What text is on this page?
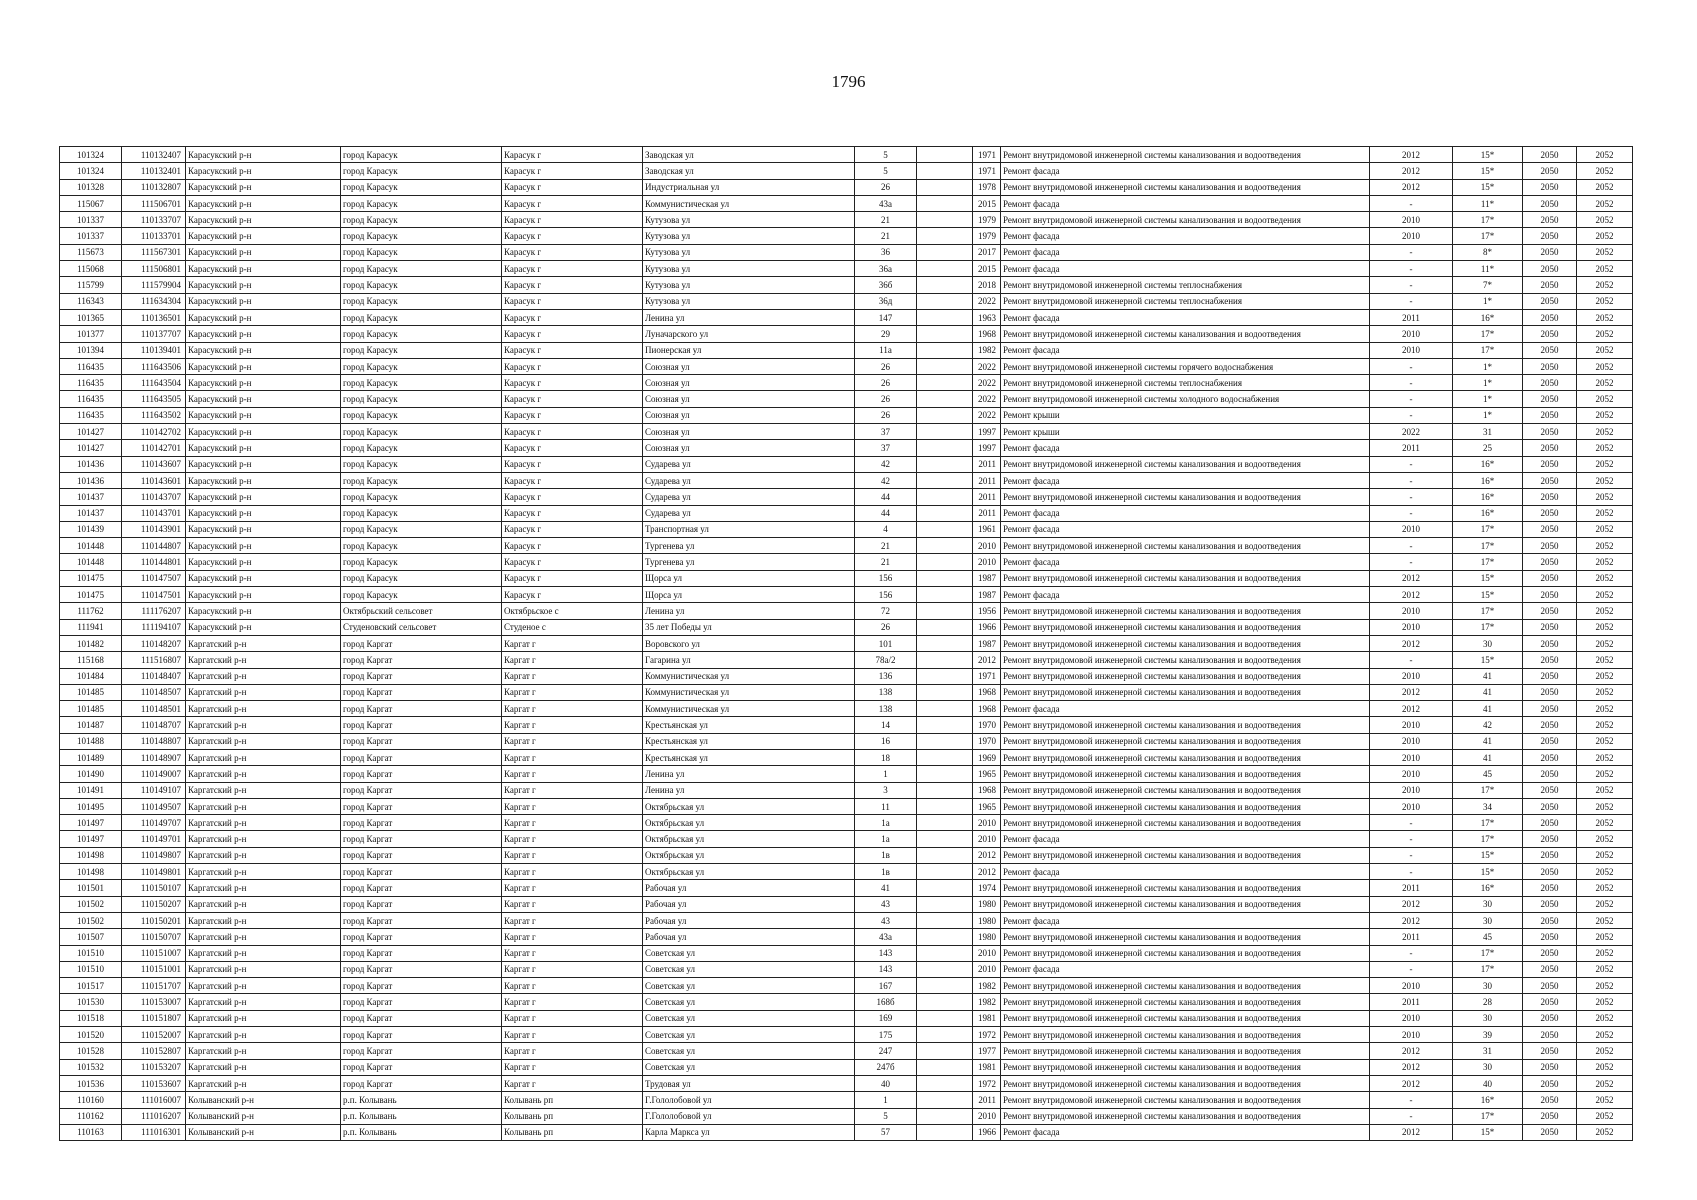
1796
101324	110132407	Карасукский р-н	город Карасук	Карасук г	Заводская ул	5		1971	Ремонт внутридомовой инженерной системы канализования и водоотведения	2012	15*	2050	2052
101324	110132401	Карасукский р-н	город Карасук	Карасук г	Заводская ул	5		1971	Ремонт фасада	2012	15*	2050	2052
101328	110132807	Карасукский р-н	город Карасук	Карасук г	Индустриальная ул	26		1978	Ремонт внутридомовой инженерной системы канализования и водоотведения	2012	15*	2050	2052
115067	111506701	Карасукский р-н	город Карасук	Карасук г	Коммунистическая ул	43а		2015	Ремонт фасада	-	11*	2050	2052
101337	110133707	Карасукский р-н	город Карасук	Карасук г	Кутузова ул	21		1979	Ремонт внутридомовой инженерной системы канализования и водоотведения	2010	17*	2050	2052
101337	110133701	Карасукский р-н	город Карасук	Карасук г	Кутузова ул	21		1979	Ремонт фасада	2010	17*	2050	2052
115673	111567301	Карасукский р-н	город Карасук	Карасук г	Кутузова ул	36		2017	Ремонт фасада	-	8*	2050	2052
115068	111506801	Карасукский р-н	город Карасук	Карасук г	Кутузова ул	36а		2015	Ремонт фасада	-	11*	2050	2052
115799	111579904	Карасукский р-н	город Карасук	Карасук г	Кутузова ул	36б		2018	Ремонт внутридомовой инженерной системы теплоснабжения	-	7*	2050	2052
116343	111634304	Карасукский р-н	город Карасук	Карасук г	Кутузова ул	36д		2022	Ремонт внутридомовой инженерной системы теплоснабжения	-	1*	2050	2052
101365	110136501	Карасукский р-н	город Карасук	Карасук г	Ленина ул	147		1963	Ремонт фасада	2011	16*	2050	2052
101377	110137707	Карасукский р-н	город Карасук	Карасук г	Луначарского ул	29		1968	Ремонт внутридомовой инженерной системы канализования и водоотведения	2010	17*	2050	2052
101394	110139401	Карасукский р-н	город Карасук	Карасук г	Пионерская ул	11а		1982	Ремонт фасада	2010	17*	2050	2052
116435	111643506	Карасукский р-н	город Карасук	Карасук г	Союзная ул	26		2022	Ремонт внутридомовой инженерной системы горячего водоснабжения	-	1*	2050	2052
116435	111643504	Карасукский р-н	город Карасук	Карасук г	Союзная ул	26		2022	Ремонт внутридомовой инженерной системы теплоснабжения	-	1*	2050	2052
116435	111643505	Карасукский р-н	город Карасук	Карасук г	Союзная ул	26		2022	Ремонт внутридомовой инженерной системы холодного водоснабжения	-	1*	2050	2052
116435	111643502	Карасукский р-н	город Карасук	Карасук г	Союзная ул	26		2022	Ремонт крыши	-	1*	2050	2052
101427	110142702	Карасукский р-н	город Карасук	Карасук г	Союзная ул	37		1997	Ремонт крыши	2022	31	2050	2052
101427	110142701	Карасукский р-н	город Карасук	Карасук г	Союзная ул	37		1997	Ремонт фасада	2011	25	2050	2052
101436	110143607	Карасукский р-н	город Карасук	Карасук г	Сударева ул	42		2011	Ремонт внутридомовой инженерной системы канализования и водоотведения	-	16*	2050	2052
101436	110143601	Карасукский р-н	город Карасук	Карасук г	Сударева ул	42		2011	Ремонт фасада	-	16*	2050	2052
101437	110143707	Карасукский р-н	город Карасук	Карасук г	Сударева ул	44		2011	Ремонт внутридомовой инженерной системы канализования и водоотведения	-	16*	2050	2052
101437	110143701	Карасукский р-н	город Карасук	Карасук г	Сударева ул	44		2011	Ремонт фасада	-	16*	2050	2052
101439	110143901	Карасукский р-н	город Карасук	Карасук г	Транспортная ул	4		1961	Ремонт фасада	2010	17*	2050	2052
101448	110144807	Карасукский р-н	город Карасук	Карасук г	Тургенева ул	21		2010	Ремонт внутридомовой инженерной системы канализования и водоотведения	-	17*	2050	2052
101448	110144801	Карасукский р-н	город Карасук	Карасук г	Тургенева ул	21		2010	Ремонт фасада	-	17*	2050	2052
101475	110147507	Карасукский р-н	город Карасук	Карасук г	Щорса ул	156		1987	Ремонт внутридомовой инженерной системы канализования и водоотведения	2012	15*	2050	2052
101475	110147501	Карасукский р-н	город Карасук	Карасук г	Щорса ул	156		1987	Ремонт фасада	2012	15*	2050	2052
111762	111176207	Карасукский р-н	Октябрьский сельсовет	Октябрьское с	Ленина ул	72		1956	Ремонт внутридомовой инженерной системы канализования и водоотведения	2010	17*	2050	2052
111941	111194107	Карасукский р-н	Студеновский сельсовет	Студеное с	35 лет Победы ул	26		1966	Ремонт внутридомовой инженерной системы канализования и водоотведения	2010	17*	2050	2052
101482	110148207	Каргатский р-н	город Каргат	Каргат г	Воровского ул	101		1987	Ремонт внутридомовой инженерной системы канализования и водоотведения	2012	30	2050	2052
115168	111516807	Каргатский р-н	город Каргат	Каргат г	Гагарина ул	78а/2		2012	Ремонт внутридомовой инженерной системы канализования и водоотведения	-	15*	2050	2052
101484	110148407	Каргатский р-н	город Каргат	Каргат г	Коммунистическая ул	136		1971	Ремонт внутридомовой инженерной системы канализования и водоотведения	2010	41	2050	2052
101485	110148507	Каргатский р-н	город Каргат	Каргат г	Коммунистическая ул	138		1968	Ремонт внутридомовой инженерной системы канализования и водоотведения	2012	41	2050	2052
101485	110148501	Каргатский р-н	город Каргат	Каргат г	Коммунистическая ул	138		1968	Ремонт фасада	2012	41	2050	2052
101487	110148707	Каргатский р-н	город Каргат	Каргат г	Крестьянская ул	14		1970	Ремонт внутридомовой инженерной системы канализования и водоотведения	2010	42	2050	2052
101488	110148807	Каргатский р-н	город Каргат	Каргат г	Крестьянская ул	16		1970	Ремонт внутридомовой инженерной системы канализования и водоотведения	2010	41	2050	2052
101489	110148907	Каргатский р-н	город Каргат	Каргат г	Крестьянская ул	18		1969	Ремонт внутридомовой инженерной системы канализования и водоотведения	2010	41	2050	2052
101490	110149007	Каргатский р-н	город Каргат	Каргат г	Ленина ул	1		1965	Ремонт внутридомовой инженерной системы канализования и водоотведения	2010	45	2050	2052
101491	110149107	Каргатский р-н	город Каргат	Каргат г	Ленина ул	3		1968	Ремонт внутридомовой инженерной системы канализования и водоотведения	2010	17*	2050	2052
101495	110149507	Каргатский р-н	город Каргат	Каргат г	Октябрьская ул	11		1965	Ремонт внутридомовой инженерной системы канализования и водоотведения	2010	34	2050	2052
101497	110149707	Каргатский р-н	город Каргат	Каргат г	Октябрьская ул	1а		2010	Ремонт внутридомовой инженерной системы канализования и водоотведения	-	17*	2050	2052
101497	110149701	Каргатский р-н	город Каргат	Каргат г	Октябрьская ул	1а		2010	Ремонт фасада	-	17*	2050	2052
101498	110149807	Каргатский р-н	город Каргат	Каргат г	Октябрьская ул	1в		2012	Ремонт внутридомовой инженерной системы канализования и водоотведения	-	15*	2050	2052
101498	110149801	Каргатский р-н	город Каргат	Каргат г	Октябрьская ул	1в		2012	Ремонт фасада	-	15*	2050	2052
101501	110150107	Каргатский р-н	город Каргат	Каргат г	Рабочая ул	41		1974	Ремонт внутридомовой инженерной системы канализования и водоотведения	2011	16*	2050	2052
101502	110150207	Каргатский р-н	город Каргат	Каргат г	Рабочая ул	43		1980	Ремонт внутридомовой инженерной системы канализования и водоотведения	2012	30	2050	2052
101502	110150201	Каргатский р-н	город Каргат	Каргат г	Рабочая ул	43		1980	Ремонт фасада	2012	30	2050	2052
101507	110150707	Каргатский р-н	город Каргат	Каргат г	Рабочая ул	43а		1980	Ремонт внутридомовой инженерной системы канализования и водоотведения	2011	45	2050	2052
101510	110151007	Каргатский р-н	город Каргат	Каргат г	Советская ул	143		2010	Ремонт внутридомовой инженерной системы канализования и водоотведения	-	17*	2050	2052
101510	110151001	Каргатский р-н	город Каргат	Каргат г	Советская ул	143		2010	Ремонт фасада	-	17*	2050	2052
101517	110151707	Каргатский р-н	город Каргат	Каргат г	Советская ул	167		1982	Ремонт внутридомовой инженерной системы канализования и водоотведения	2010	30	2050	2052
101530	110153007	Каргатский р-н	город Каргат	Каргат г	Советская ул	168б		1982	Ремонт внутридомовой инженерной системы канализования и водоотведения	2011	28	2050	2052
101518	110151807	Каргатский р-н	город Каргат	Каргат г	Советская ул	169		1981	Ремонт внутридомовой инженерной системы канализования и водоотведения	2010	30	2050	2052
101520	110152007	Каргатский р-н	город Каргат	Каргат г	Советская ул	175		1972	Ремонт внутридомовой инженерной системы канализования и водоотведения	2010	39	2050	2052
101528	110152807	Каргатский р-н	город Каргат	Каргат г	Советская ул	247		1977	Ремонт внутридомовой инженерной системы канализования и водоотведения	2012	31	2050	2052
101532	110153207	Каргатский р-н	город Каргат	Каргат г	Советская ул	247б		1981	Ремонт внутридомовой инженерной системы канализования и водоотведения	2012	30	2050	2052
101536	110153607	Каргатский р-н	город Каргат	Каргат г	Трудовая ул	40		1972	Ремонт внутридомовой инженерной системы канализования и водоотведения	2012	40	2050	2052
110160	111016007	Колыванский р-н	р.п. Колывань	Колывань рп	Г.Гололобовой ул	1		2011	Ремонт внутридомовой инженерной системы канализования и водоотведения	-	16*	2050	2052
110162	111016207	Колыванский р-н	р.п. Колывань	Колывань рп	Г.Гололобовой ул	5		2010	Ремонт внутридомовой инженерной системы канализования и водоотведения	-	17*	2050	2052
110163	111016301	Колыванский р-н	р.п. Колывань	Колывань рп	Карла Маркса ул	57		1966	Ремонт фасада	2012	15*	2050	2052
